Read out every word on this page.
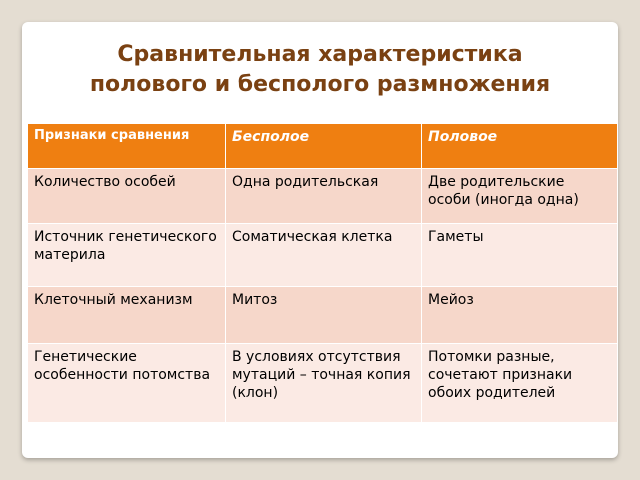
Сравнительная характеристика
полового и бесполого размножения
Признаки сравнения	Бесполое	Половое
Количество особей	Одна родительская	Две родительские особи (иногда одна)
Источник генетического материла	Соматическая клетка	Гаметы
Клеточный механизм	Митоз	Мейоз
Генетические особенности потомства	В условиях отсутствия мутаций – точная копия (клон)	Потомки разные, сочетают признаки обоих родителей
